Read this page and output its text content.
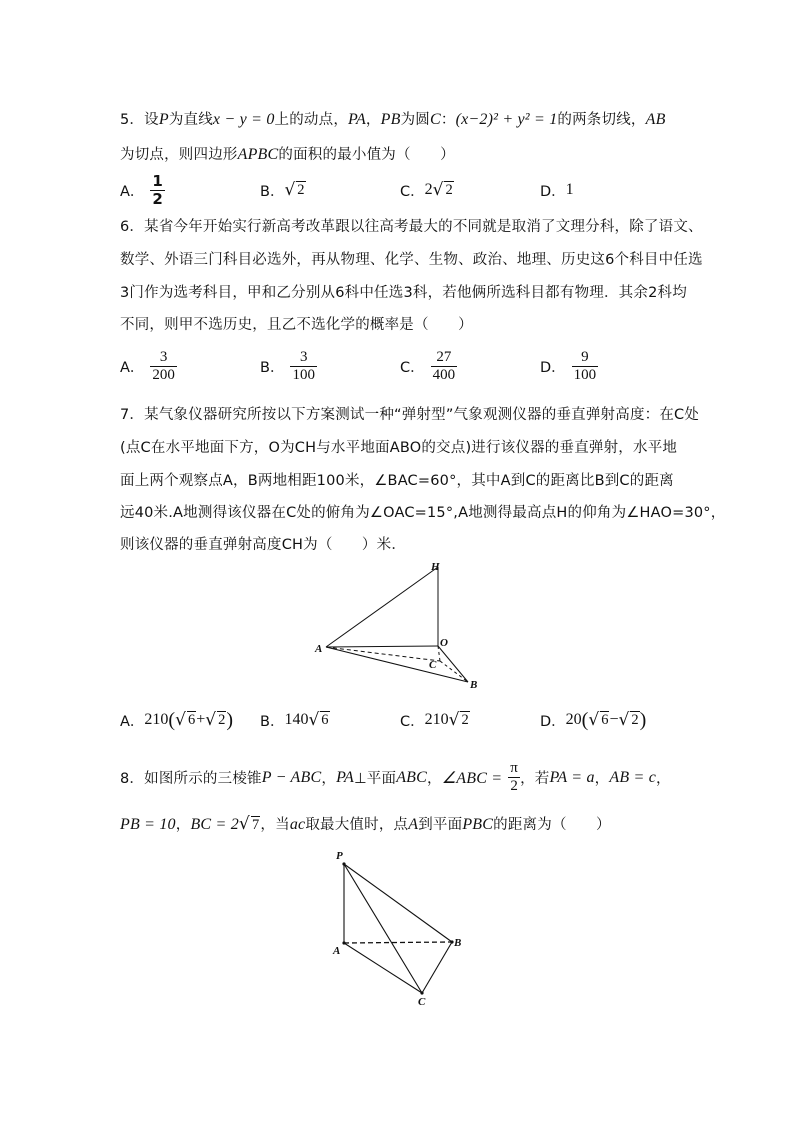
5．设P为直线x − y = 0上的动点，PA，PB为圆C：(x−2)² + y² = 1的两条切线，AB
为切点，则四边形APBC的面积的最小值为（　　）
A． $\frac{1}{2}$	B． √ 2	C． 2 √ 2	D． 1
6．某省今年开始实行新高考改革跟以往高考最大的不同就是取消了文理分科，除了语文、
数学、外语三门科目必选外，再从物理、化学、生物、政治、地理、历史这6个科目中任选
3门作为选考科目，甲和乙分别从6科中任选3科，若他俩所选科目都有物理．其余2科均
不同，则甲不选历史，且乙不选化学的概率是（　　）
A． $\frac{3}{200}$	B． $\frac{3}{100}$	C． $\frac{27}{400}$	D． $\frac{9}{100}$
7．某气象仪器研究所按以下方案测试一种“弹射型”气象观测仪器的垂直弹射高度：在C处
(点C在水平地面下方，O为CH与水平地面ABO的交点)进行该仪器的垂直弹射，水平地
面上两个观察点A，B两地相距100米，∠BAC=60°，其中A到C的距离比B到C的距离
远40米.A地测得该仪器在C处的俯角为∠OAC=15°,A地测得最高点H的仰角为∠HAO=30°，
则该仪器的垂直弹射高度CH为（　　）米．
H
O
A
C
B
A． 210 ( √ 6 + √ 2 ) B． 140 √ 6	C． 210 √ 2	D． 20 ( √ 6 − √ 2 )
8．如图所示的三棱锥 P − ABC ， PA ⊥平面 ABC ， ∠ABC = $\frac{\pi}{2}$ ，若 PA = a ， AB = c ，
PB = 10，BC = 2√ 7，当ac取最大值时，点A到平面PBC的距离为（　　）
P
A
B
C
